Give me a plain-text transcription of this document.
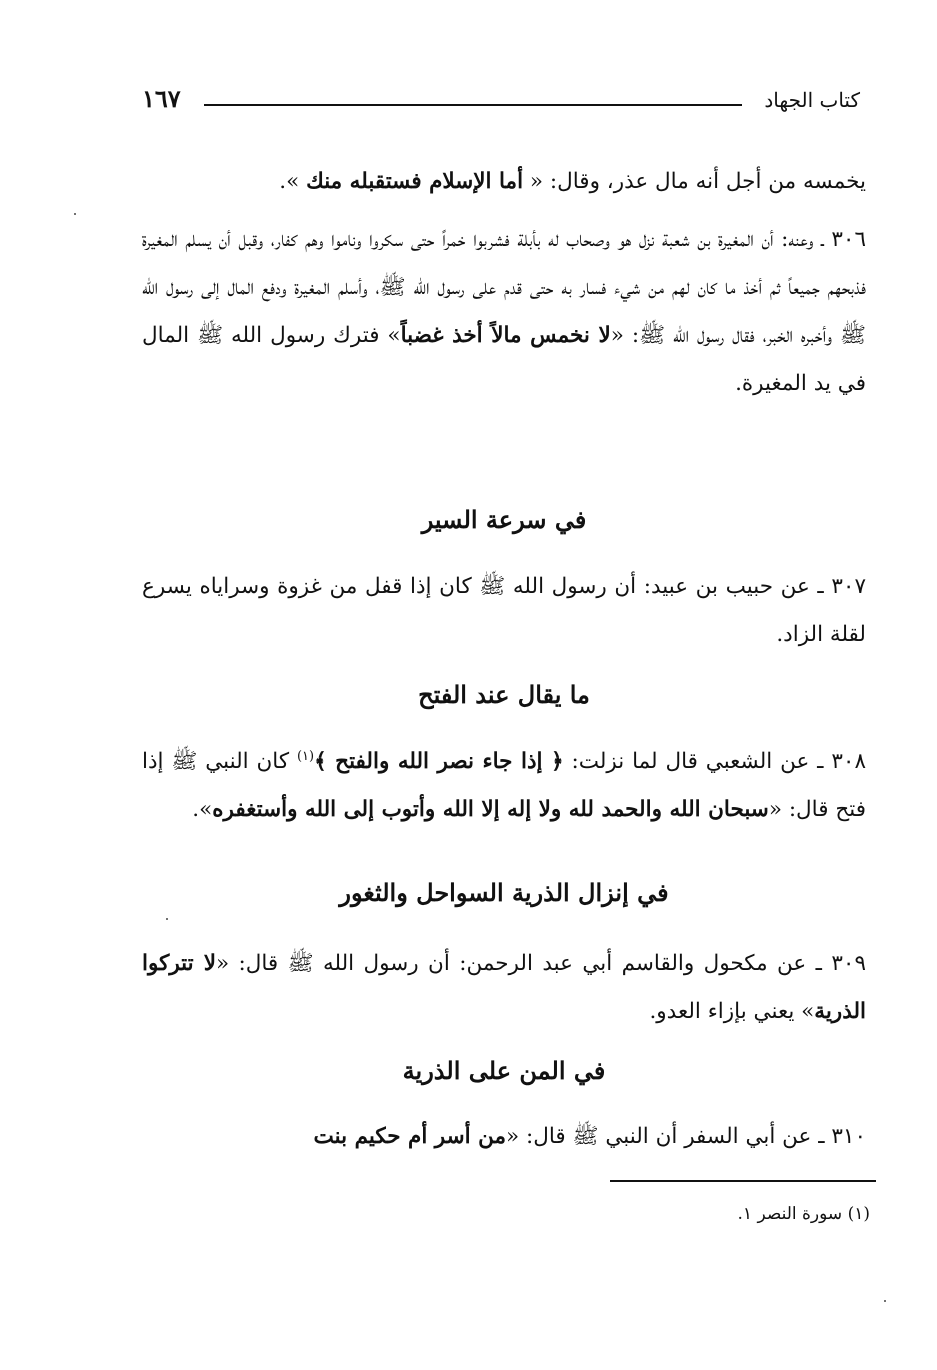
كتاب الجهاد
١٦٧

يخمسه من أجل أنه مال عذر، وقال: « أما الإسلام فستقبله منك ».

٣٠٦ ـ وعنه: أن المغيرة بن شعبة نزل هو وصحاب له بأبلة فشربوا خمراً حتى سكروا وناموا وهم كفار، وقبل أن يسلم المغيرة فذبحهم جميعاً ثم أخذ ما كان لهم من شيء فسار به حتى قدم على رسول الله ﷺ، وأسلم المغيرة ودفع المال إلى رسول الله ﷺ وأخبره الخبر، فقال رسول الله ﷺ: «لا نخمس مالاً أخذ غضباً» فترك رسول الله ﷺ المال في يد المغيرة.

في سرعة السير

٣٠٧ ـ عن حبيب بن عبيد: أن رسول الله ﷺ كان إذا قفل من غزوة وسراياه يسرع لقلة الزاد.

ما يقال عند الفتح

٣٠٨ ـ عن الشعبي قال لما نزلت: ﴿ إذا جاء نصر الله والفتح ﴾$^{(١)}$ كان النبي ﷺ إذا فتح قال: «سبحان الله والحمد لله ولا إله إلا الله وأتوب إلى الله وأستغفره».

في إنزال الذرية السواحل والثغور

٣٠٩ ـ عن مكحول والقاسم أبي عبد الرحمن: أن رسول الله ﷺ قال: «لا تتركوا الذرية» يعني بإزاء العدو.

في المن على الذرية

٣١٠ ـ عن أبي السفر أن النبي ﷺ قال: «من أسر أم حكيم بنت

(١) سورة النصر ١.
